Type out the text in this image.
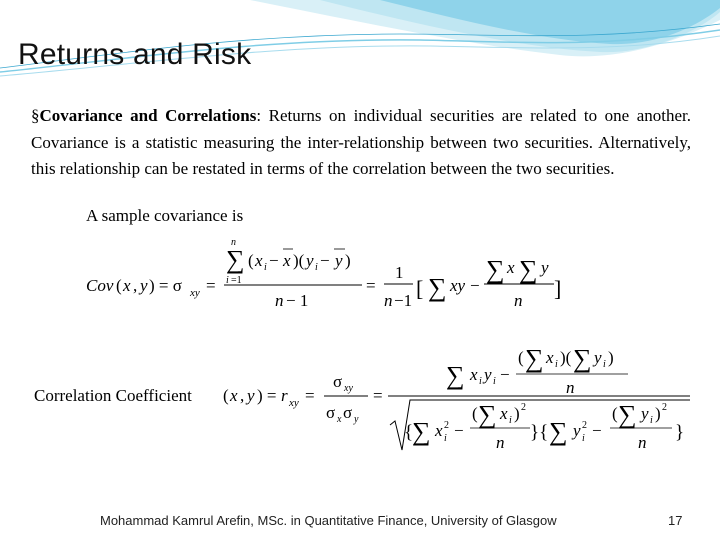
Returns and Risk
§Covariance and Correlations: Returns on individual securities are related to one another. Covariance is a statistic measuring the inter-relationship between two securities. Alternatively, this relationship can be restated in terms of the correlation between the two securities.
A sample covariance is
Cov ( x , y ) = σ xy =
∑
n
i =1
( x i − x )( y i − y )
n − 1
=
1
n −1 [ ∑ xy −
∑ x ∑ y
n ]
Correlation Coefficient ( x , y ) = r xy =
σ xy
σ x σ y
=
∑ x i y i −
( ∑ x i )( ∑ y i )
n
{
∑ x i
2 −
( ∑ x i ) 2
n }{ ∑ y i
2 −
( ∑ y i ) 2
n }
Mohammad Kamrul Arefin, MSc. in Quantitative Finance, University of Glasgow	17
